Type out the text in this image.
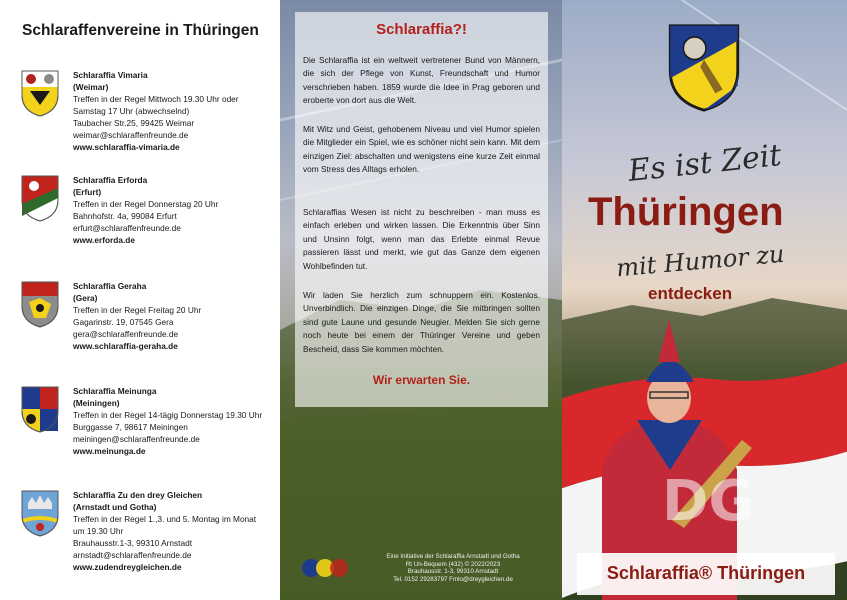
Schlaraffenvereine in Thüringen
Schlaraffia Vimaria
(Weimar)
Treffen in der Regel Mittwoch 19.30 Uhr oder
Samstag 17 Uhr (abwechselnd)
Taubacher Str.25, 99425 Weimar
weimar@schlaraffenfreunde.de
www.schlaraffia-vimaria.de
Schlaraffia Erforda
(Erfurt)
Treffen in der Regel Donnerstag 20 Uhr
Bahnhofstr. 4a, 99084 Erfurt
erfurt@schlaraffenfreunde.de
www.erforda.de
Schlaraffia Geraha
(Gera)
Treffen in der Regel Freitag 20 Uhr
Gagarinstr. 19, 07545 Gera
gera@schlaraffenfreunde.de
www.schlaraffia-geraha.de
Schlaraffia Meinunga
(Meiningen)
Treffen in der Regel 14-tägig Donnerstag 19.30 Uhr
Burggasse 7, 98617 Meiningen
meiningen@schlaraffenfreunde.de
www.meinunga.de
Schlaraffia Zu den drey Gleichen
(Arnstadt und Gotha)
Treffen in der Regel 1.,3. und 5. Montag im Monat
um 19.30 Uhr
Brauhausstr.1-3, 99310 Arnstadt
arnstadt@schlaraffenfreunde.de
www.zudendreygleichen.de
Schlaraffia?!
Die Schlaraffia ist ein weltweit vertretener Bund von Männern, die sich der Pflege von Kunst, Freundschaft und Humor verschrieben haben. 1859 wurde die Idee in Prag geboren und eroberte von dort aus die Welt.
Mit Witz und Geist, gehobenem Niveau und viel Humor spielen die Mitglieder ein Spiel, wie es schöner nicht sein kann. Mit dem einzigen Ziel: abschalten und wenigstens eine kurze Zeit einmal vom Stress des Alltags erholen.
Schlaraffias Wesen ist nicht zu beschreiben - man muss es einfach erleben und wirken lassen. Die Erkenntnis über Sinn und Unsinn folgt, wenn man das Erlebte einmal Revue passieren lässt und merkt, wie gut das Ganze dem eigenen Wohlbefinden tut.
Wir laden Sie herzlich zum schnuppern ein. Kostenlos. Unverbindlich. Die einzigen Dinge, die Sie mitbringen sollten sind gute Laune und gesunde Neugier. Melden Sie sich gerne noch heute bei einem der Thüringer Vereine und geben Bescheid, dass Sie kommen möchten.
Wir erwarten Sie.
Eine Initiative der Schlaraffia Arnstadt und Gotha
Rt Un-Bequem (432) © 2022/2023
Brauhausstr. 1-3, 99310 Arnstadt
Tel. 0152 29283797 Fmlo@dreygleichen.de
DG
Es ist Zeit
Thüringen
mit Humor zu
entdecken
Schlaraffia® Thüringen
